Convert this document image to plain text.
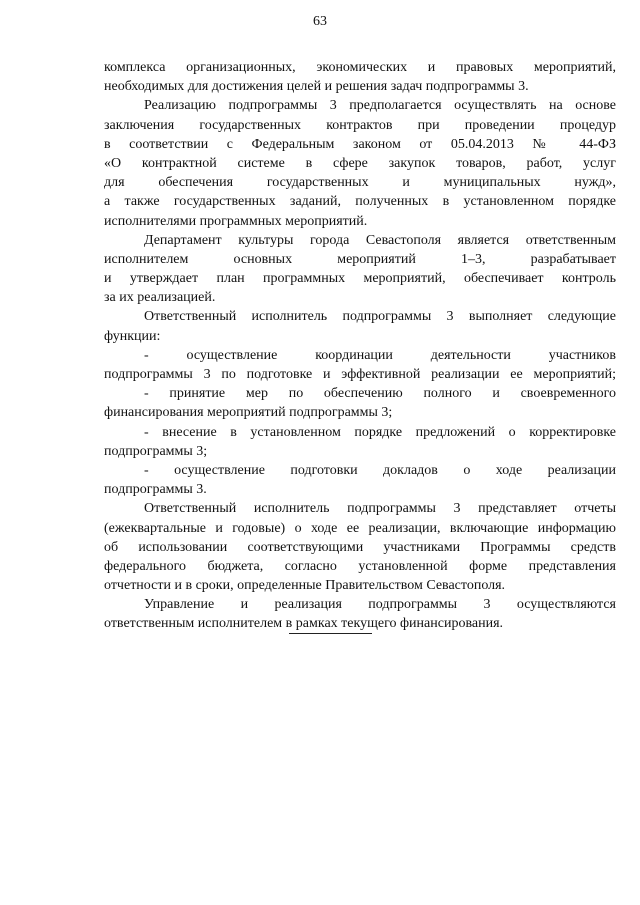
63
комплекса организационных, экономических и правовых мероприятий,
необходимых для достижения целей и решения задач подпрограммы 3.
Реализацию подпрограммы 3 предполагается осуществлять на основе
заключения государственных контрактов при проведении процедур
в соответствии с Федеральным законом от 05.04.2013 № 44-ФЗ
«О контрактной системе в сфере закупок товаров, работ, услуг
для обеспечения государственных и муниципальных нужд»,
а также государственных заданий, полученных в установленном порядке
исполнителями программных мероприятий.
Департамент культуры города Севастополя является ответственным
исполнителем основных мероприятий 1–3, разрабатывает
и утверждает план программных мероприятий, обеспечивает контроль
за их реализацией.
Ответственный исполнитель подпрограммы 3 выполняет следующие
функции:
- осуществление координации деятельности участников
подпрограммы 3 по подготовке и эффективной реализации ее мероприятий;
- принятие мер по обеспечению полного и своевременного
финансирования мероприятий подпрограммы 3;
- внесение в установленном порядке предложений о корректировке
подпрограммы 3;
- осуществление подготовки докладов о ходе реализации
подпрограммы 3.
Ответственный исполнитель подпрограммы 3 представляет отчеты
(ежеквартальные и годовые) о ходе ее реализации, включающие информацию
об использовании соответствующими участниками Программы средств
федерального бюджета, согласно установленной форме представления
отчетности и в сроки, определенные Правительством Севастополя.
Управление и реализация подпрограммы 3 осуществляются
ответственным исполнителем в рамках текущего финансирования.
